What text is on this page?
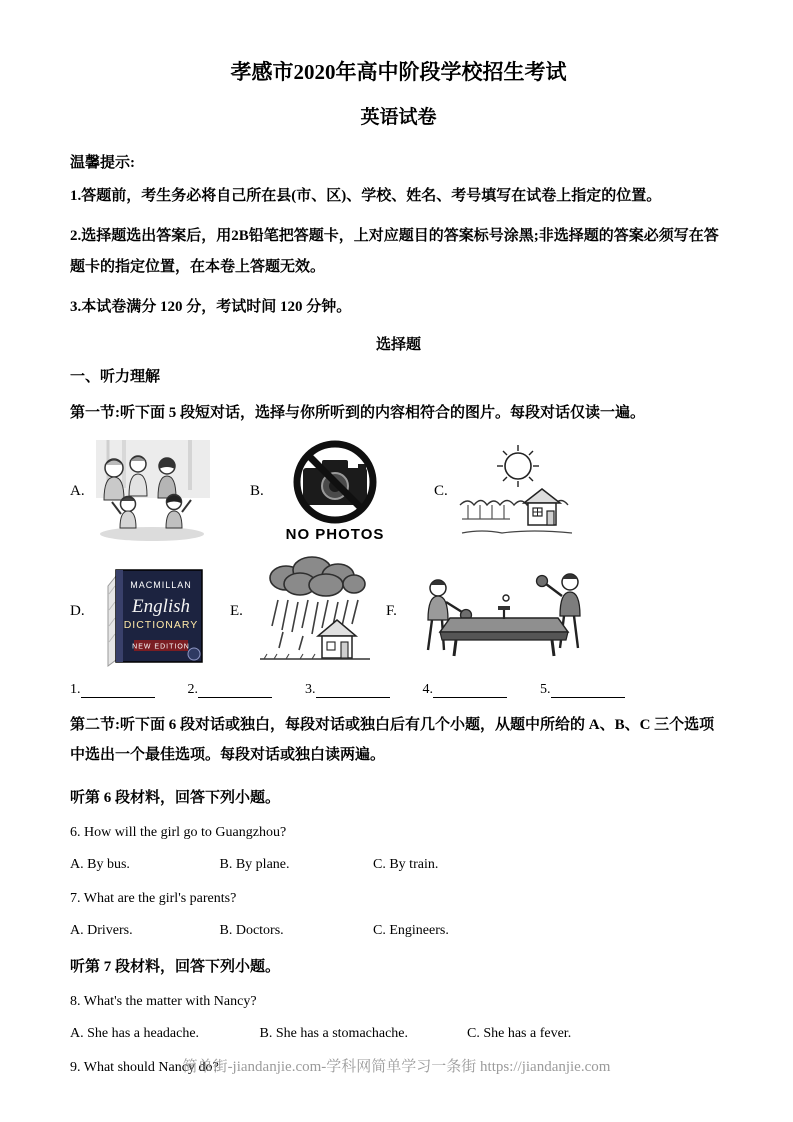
孝感市2020年高中阶段学校招生考试

英语试卷

温馨提示:

1.答题前，考生务必将自己所在县(市、区)、学校、姓名、考号填写在试卷上指定的位置。

2.选择题选出答案后，用2B铅笔把答题卡，上对应题目的答案标号涂黑;非选择题的答案必须写在答题卡的指定位置，在本卷上答题无效。

3.本试卷满分 120 分，考试时间 120 分钟。

选择题

一、听力理解

第一节:听下面 5 段短对话，选择与你所听到的内容相符合的图片。每段对话仅读一遍。

A.	B.
NO PHOTOS
C.
D.
MACMILLAN
English
DICTIONARY
NEW EDITION
E.	F.
1.	2.	3.	4.	5.

第二节:听下面 6 段对话或独白，每段对话或独白后有几个小题，从题中所给的 A、B、C 三个选项中选出一个最佳选项。每段对话或独白读两遍。

听第 6 段材料，回答下列小题。

6. How will the girl go to Guangzhou?

A. By bus.	B. By plane.	C. By train.

7. What are the girl's parents?

A. Drivers.	B. Doctors.	C. Engineers.

听第 7 段材料，回答下列小题。

8. What's the matter with Nancy?

A. She has a headache.	B. She has a stomachache.	C. She has a fever.

9. What should Nancy do?

简单街-jiandanjie.com-学科网简单学习一条街 https://jiandanjie.com
